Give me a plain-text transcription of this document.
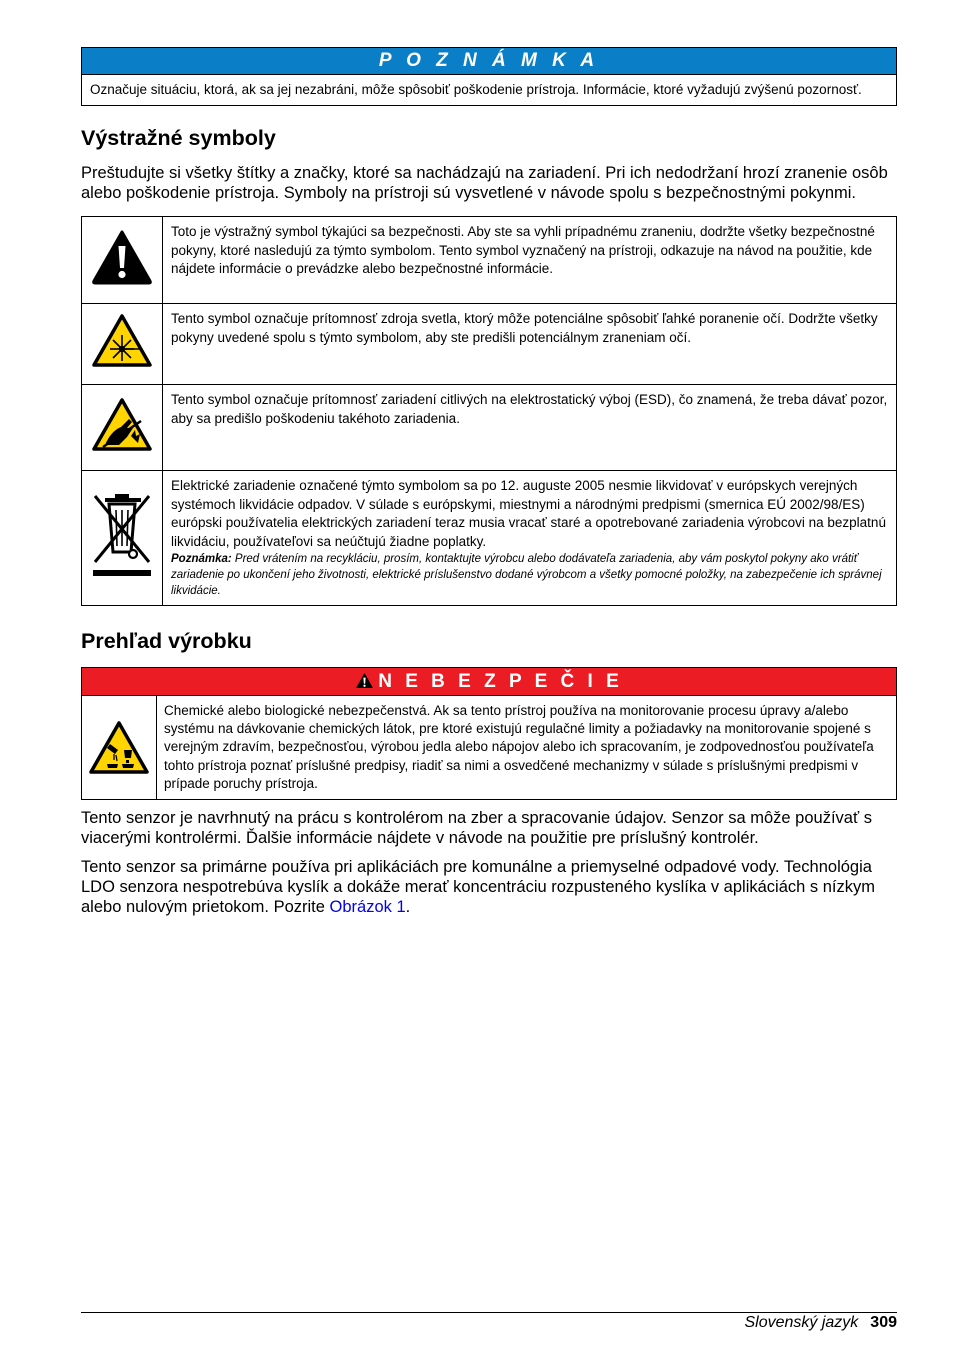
P O Z N Á M K A
Označuje situáciu, ktorá, ak sa jej nezabráni, môže spôsobiť poškodenie prístroja. Informácie, ktoré vyžadujú zvýšenú pozornosť.
Výstražné symboly

Preštudujte si všetky štítky a značky, ktoré sa nachádzajú na zariadení. Pri ich nedodržaní hrozí zranenie osôb alebo poškodenie prístroja. Symboly na prístroji sú vysvetlené v návode spolu s bezpečnostnými pokynmi.

	Toto je výstražný symbol týkajúci sa bezpečnosti. Aby ste sa vyhli prípadnému zraneniu, dodržte všetky bezpečnostné pokyny, ktoré nasledujú za týmto symbolom. Tento symbol vyznačený na prístroji, odkazuje na návod na použitie, kde nájdete informácie o prevádzke alebo bezpečnostné informácie.
	Tento symbol označuje prítomnosť zdroja svetla, ktorý môže potenciálne spôsobiť ľahké poranenie očí. Dodržte všetky pokyny uvedené spolu s týmto symbolom, aby ste predišli potenciálnym zraneniam očí.
	Tento symbol označuje prítomnosť zariadení citlivých na elektrostatický výboj (ESD), čo znamená, že treba dávať pozor, aby sa predišlo poškodeniu takéhoto zariadenia.

Elektrické zariadenie označené týmto symbolom sa po 12. auguste 2005 nesmie likvidovať v európskych verejných systémoch likvidácie odpadov. V súlade s európskymi, miestnymi a národnými predpismi (smernica EÚ 2002/98/ES) európski používatelia elektrických zariadení teraz musia vracať staré a opotrebované zariadenia výrobcovi na bezplatnú likvidáciu, používateľovi sa neúčtujú žiadne poplatky.
Poznámka: Pred vrátením na recykláciu, prosím, kontaktujte výrobcu alebo dodávateľa zariadenia, aby vám poskytol pokyny ako vrátiť zariadenie po ukončení jeho životnosti, elektrické príslušenstvo dodané výrobcom a všetky pomocné položky, na zabezpečenie ich správnej likvidácie.
Prehľad výrobku
N E B E Z P E Č I E
Chemické alebo biologické nebezpečenstvá. Ak sa tento prístroj používa na monitorovanie procesu úpravy a/alebo systému na dávkovanie chemických látok, pre ktoré existujú regulačné limity a požiadavky na monitorovanie spojené s verejným zdravím, bezpečnosťou, výrobou jedla alebo nápojov alebo ich spracovaním, je zodpovednosťou používateľa tohto prístroja poznať príslušné predpisy, riadiť sa nimi a osvedčené mechanizmy v súlade s príslušnými predpismi v prípade poruchy prístroja.

Tento senzor je navrhnutý na prácu s kontrolérom na zber a spracovanie údajov. Senzor sa môže používať s viacerými kontrolérmi. Ďalšie informácie nájdete v návode na použitie pre príslušný kontrolér.

Tento senzor sa primárne používa pri aplikáciách pre komunálne a priemyselné odpadové vody. Technológia LDO senzora nespotrebúva kyslík a dokáže merať koncentráciu rozpusteného kyslíka v aplikáciách s nízkym alebo nulovým prietokom. Pozrite Obrázok 1.

Slovenský jazyk 309
